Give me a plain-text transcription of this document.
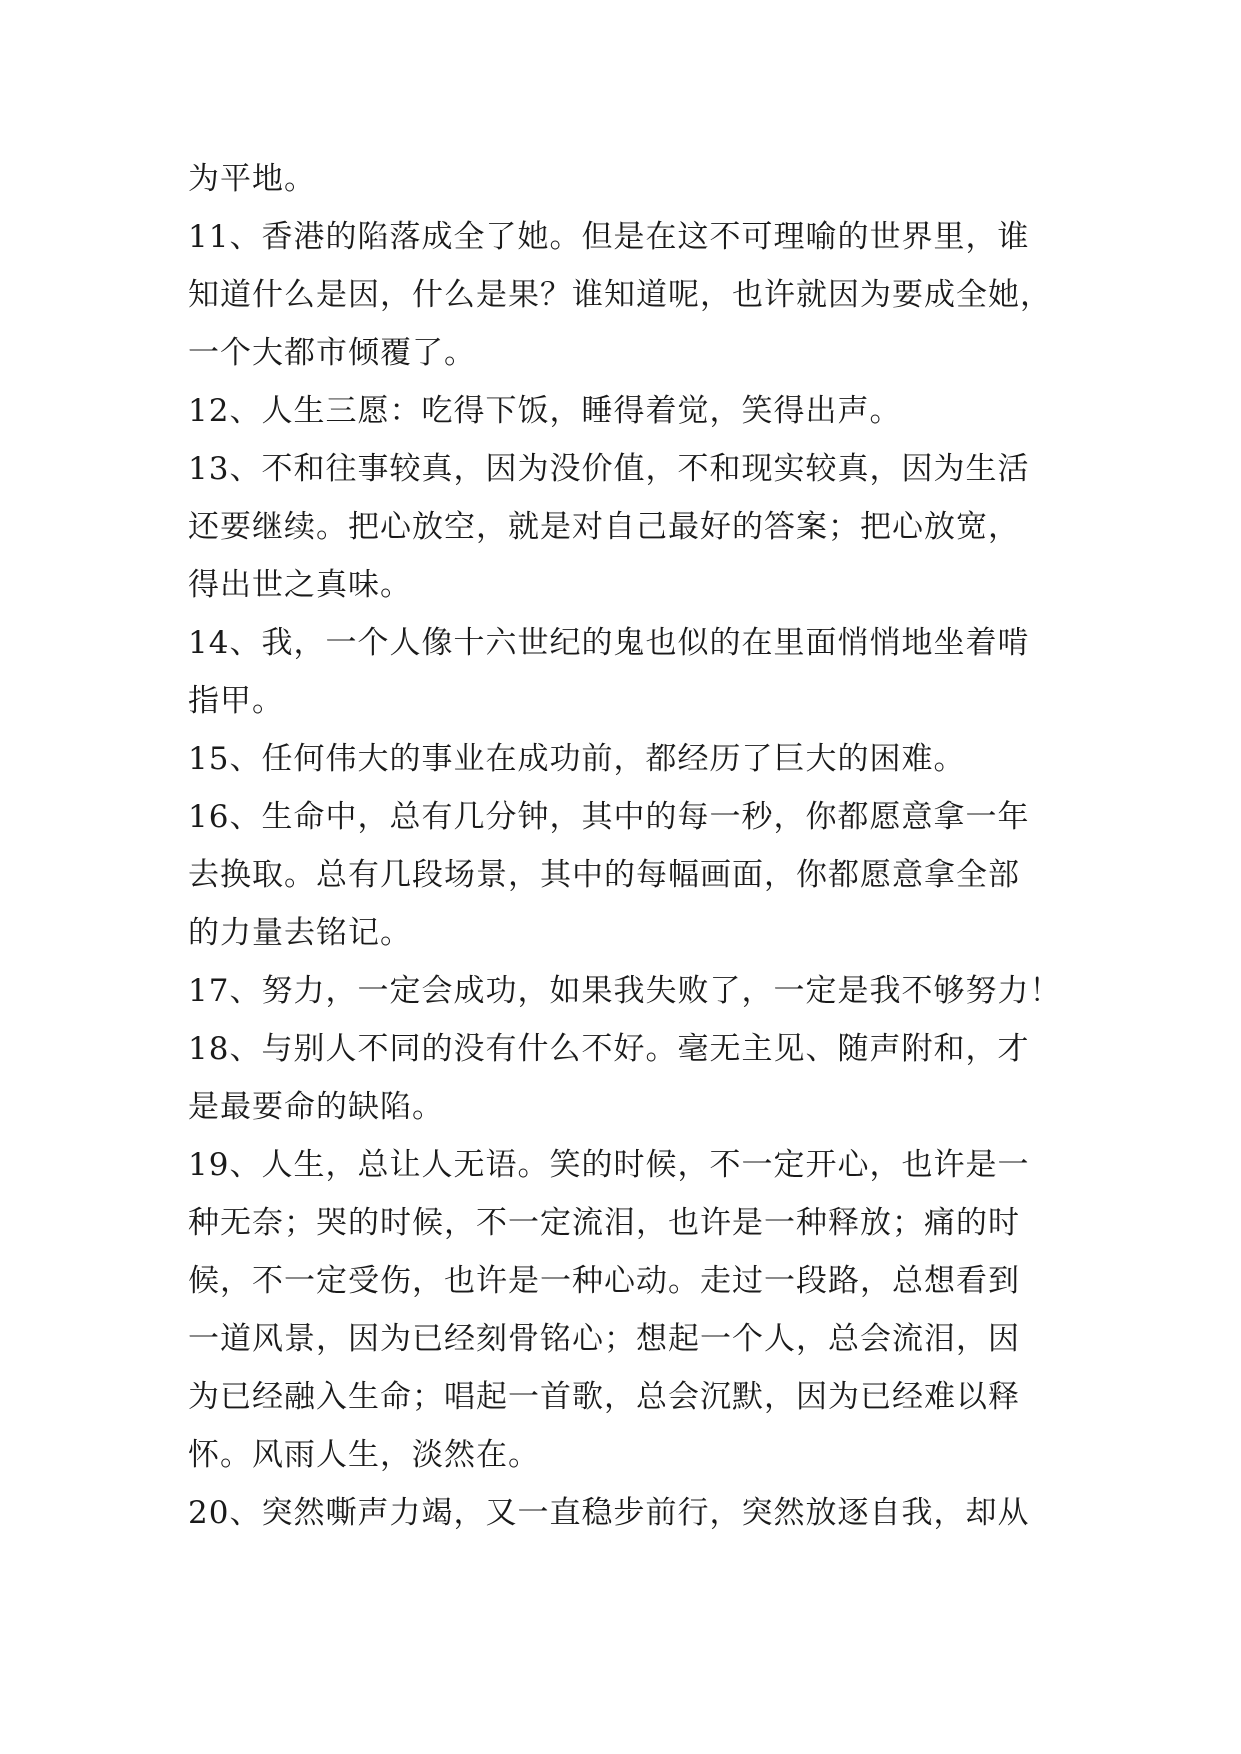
为平地。
11、香港的陷落成全了她。但是在这不可理喻的世界里，谁
知道什么是因，什么是果？谁知道呢，也许就因为要成全她，
一个大都市倾覆了。
12、人生三愿：吃得下饭，睡得着觉，笑得出声。
13、不和往事较真，因为没价值，不和现实较真，因为生活
还要继续。把心放空，就是对自己最好的答案；把心放宽，
得出世之真味。
14、我，一个人像十六世纪的鬼也似的在里面悄悄地坐着啃
指甲。
15、任何伟大的事业在成功前，都经历了巨大的困难。
16、生命中，总有几分钟，其中的每一秒，你都愿意拿一年
去换取。总有几段场景，其中的每幅画面，你都愿意拿全部
的力量去铭记。
17、努力，一定会成功，如果我失败了，一定是我不够努力！
18、与别人不同的没有什么不好。毫无主见、随声附和，才
是最要命的缺陷。
19、人生，总让人无语。笑的时候，不一定开心，也许是一
种无奈；哭的时候，不一定流泪，也许是一种释放；痛的时
候，不一定受伤，也许是一种心动。走过一段路，总想看到
一道风景，因为已经刻骨铭心；想起一个人，总会流泪，因
为已经融入生命；唱起一首歌，总会沉默，因为已经难以释
怀。风雨人生，淡然在。
20、突然嘶声力竭，又一直稳步前行，突然放逐自我，却从
